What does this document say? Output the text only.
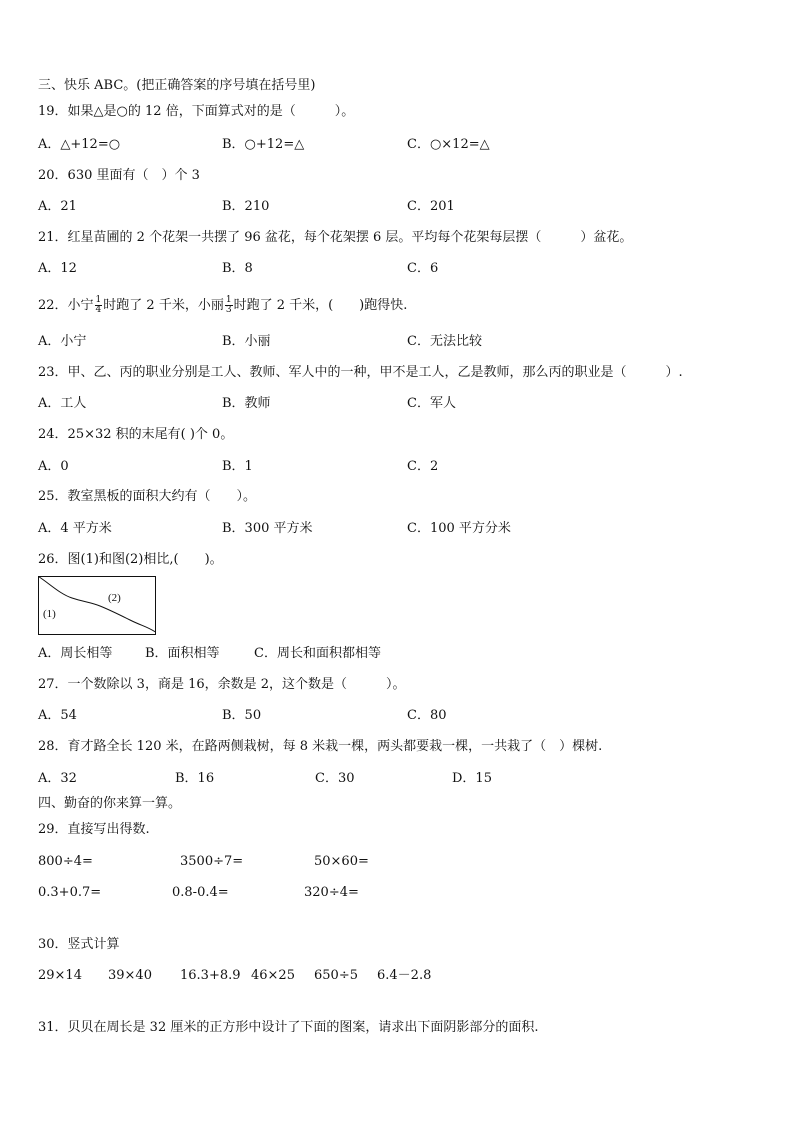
三、快乐 ABC。(把正确答案的序号填在括号里)
19．如果△是○的 12 倍，下面算式对的是（　　　）。
A．△+12=○	B．○+12=△	C．○×12=△
20．630 里面有（　）个 3
A．21	B．210	C．201
21．红星苗圃的 2 个花架一共摆了 96 盆花，每个花架摆 6 层。平均每个花架每层摆（　　　）盆花。
A．12	B．8	C．6
22．小宁 $\frac{1}{4}$ 时跑了 2 千米，小丽 $\frac{1}{3}$ 时跑了 2 千米，(　　)跑得快.
A．小宁	B．小丽	C．无法比较
23．甲、乙、丙的职业分别是工人、教师、军人中的一种，甲不是工人，乙是教师，那么丙的职业是（　　　）.
A．工人	B．教师	C．军人
24．25×32 积的末尾有( )个 0。
A．0	B．1	C．2
25．教室黑板的面积大约有（　　）。
A．4 平方米	B．300 平方米	C．100 平方分米
26．图(1)和图(2)相比,(　　)。
(1)
(2)
A．周长相等	B．面积相等	C．周长和面积都相等
27．一个数除以 3，商是 16，余数是 2，这个数是（　　　）。
A．54	B．50	C．80
28．育才路全长 120 米，在路两侧栽树，每 8 米栽一棵，两头都要栽一棵，一共栽了（　）棵树.
A．32	B．16	C．30	D．15
四、勤奋的你来算一算。
29．直接写出得数.
800÷4=	3500÷7=	50×60=
0.3+0.7=	0.8-0.4=	320÷4=
30．竖式计算
29×14 39×40 16.3+8.9 46×25 650÷5 6.4－2.8
31．贝贝在周长是 32 厘米的正方形中设计了下面的图案，请求出下面阴影部分的面积.
